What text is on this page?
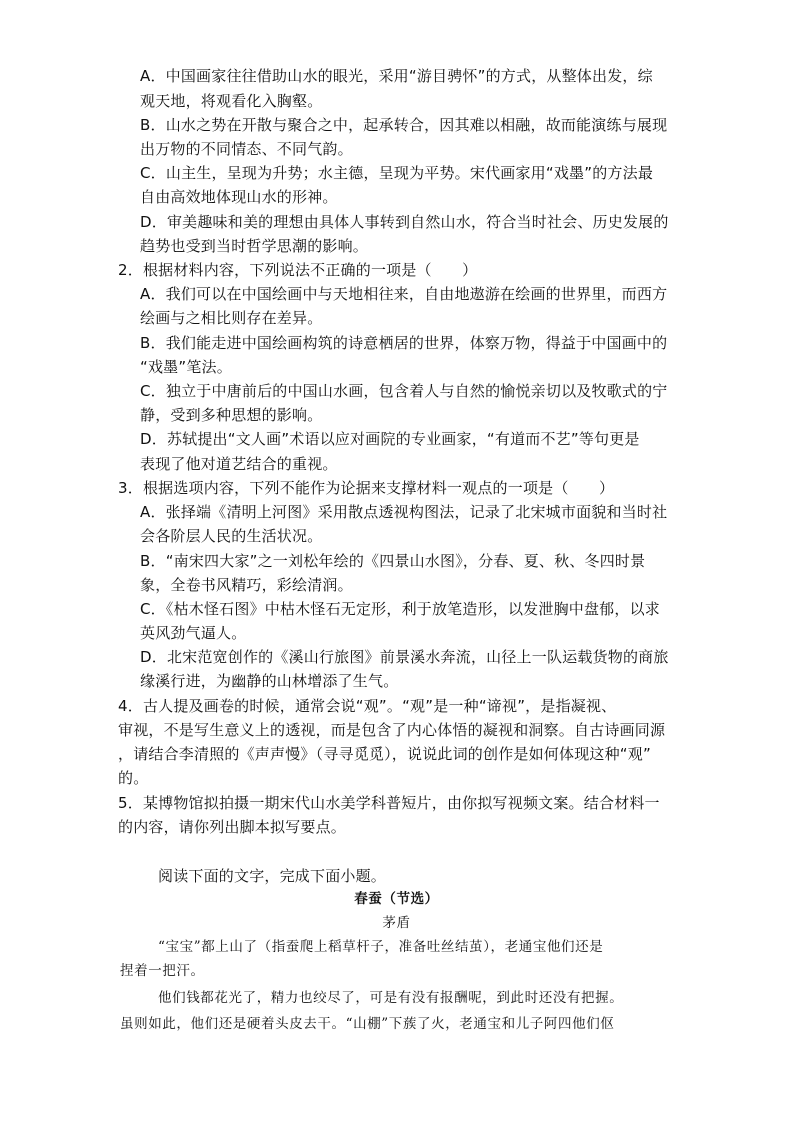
A．中国画家往往借助山水的眼光，采用“游目骋怀”的方式，从整体出发，综
观天地，将观看化入胸壑。
B．山水之势在开散与聚合之中，起承转合，因其难以相融，故而能演练与展现
出万物的不同情态、不同气韵。
C．山主生，呈现为升势；水主德，呈现为平势。宋代画家用“戏墨”的方法最
自由高效地体现山水的形神。
D．审美趣味和美的理想由具体人事转到自然山水，符合当时社会、历史发展的
趋势也受到当时哲学思潮的影响。
2．根据材料内容，下列说法不正确的一项是（　　）
A．我们可以在中国绘画中与天地相往来，自由地遨游在绘画的世界里，而西方
绘画与之相比则存在差异。
B．我们能走进中国绘画构筑的诗意栖居的世界，体察万物，得益于中国画中的
“戏墨”笔法。
C．独立于中唐前后的中国山水画，包含着人与自然的愉悦亲切以及牧歌式的宁
静，受到多种思想的影响。
D．苏轼提出“文人画”术语以应对画院的专业画家，“有道而不艺”等句更是
表现了他对道艺结合的重视。
3．根据选项内容，下列不能作为论据来支撑材料一观点的一项是（　　）
A．张择端《清明上河图》采用散点透视构图法，记录了北宋城市面貌和当时社
会各阶层人民的生活状况。
B．“南宋四大家”之一刘松年绘的《四景山水图》，分春、夏、秋、冬四时景
象，全卷书风精巧，彩绘清润。
C．《枯木怪石图》中枯木怪石无定形，利于放笔造形，以发泄胸中盘郁，以求
英风劲气逼人。
D．北宋范宽创作的《溪山行旅图》前景溪水奔流，山径上一队运载货物的商旅
缘溪行进，为幽静的山林增添了生气。
4．古人提及画卷的时候，通常会说“观”。“观”是一种“谛视”，是指凝视、
审视，不是写生意义上的透视，而是包含了内心体悟的凝视和洞察。自古诗画同源
，请结合李清照的《声声慢》（寻寻觅觅），说说此词的创作是如何体现这种“观”
的。
5．某博物馆拟拍摄一期宋代山水美学科普短片，由你拟写视频文案。结合材料一
的内容，请你列出脚本拟写要点。
阅读下面的文字，完成下面小题。
春蚕（节选）
茅盾
“宝宝”都上山了（指蚕爬上稻草杆子，准备吐丝结茧），老通宝他们还是
捏着一把汗。
他们钱都花光了，精力也绞尽了，可是有没有报酬呢，到此时还没有把握。
虽则如此，他们还是硬着头皮去干。“山棚”下蔟了火，老通宝和儿子阿四他们伛
